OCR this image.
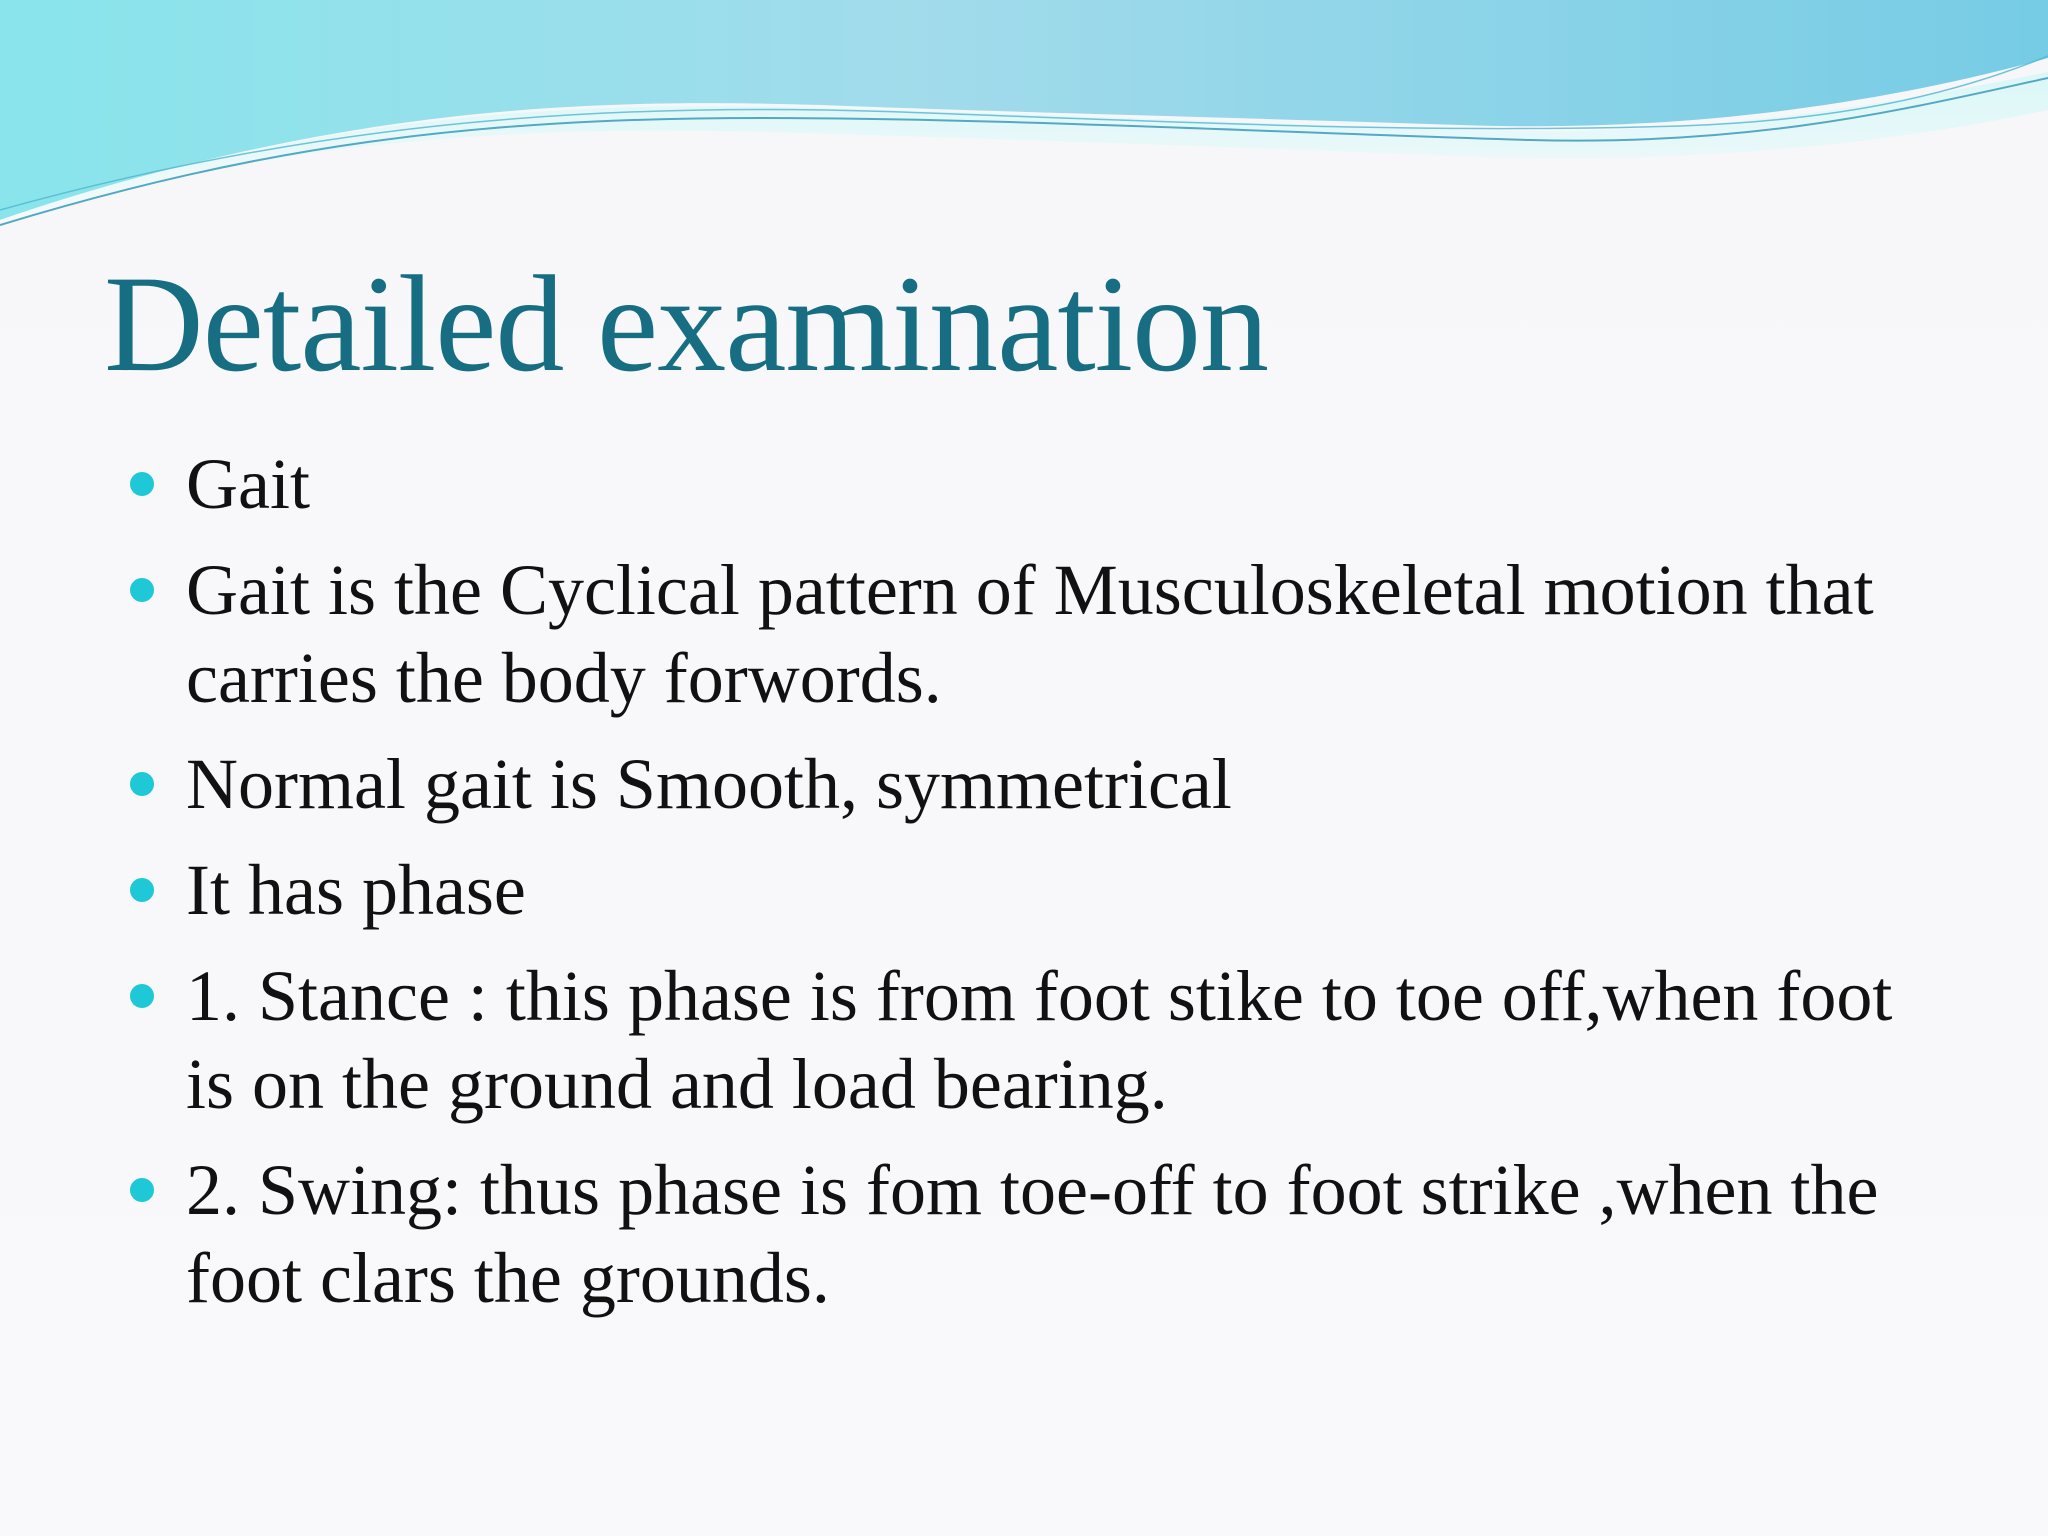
Detailed examination
Gait
Gait is the Cyclical pattern of Musculoskeletal motion that carries the body forwords.
Normal gait is Smooth, symmetrical
It has phase
1. Stance : this phase is from foot stike to toe off,when foot is on the ground and load bearing.
2. Swing: thus phase is fom toe-off to foot strike ,when the foot clars the grounds.
